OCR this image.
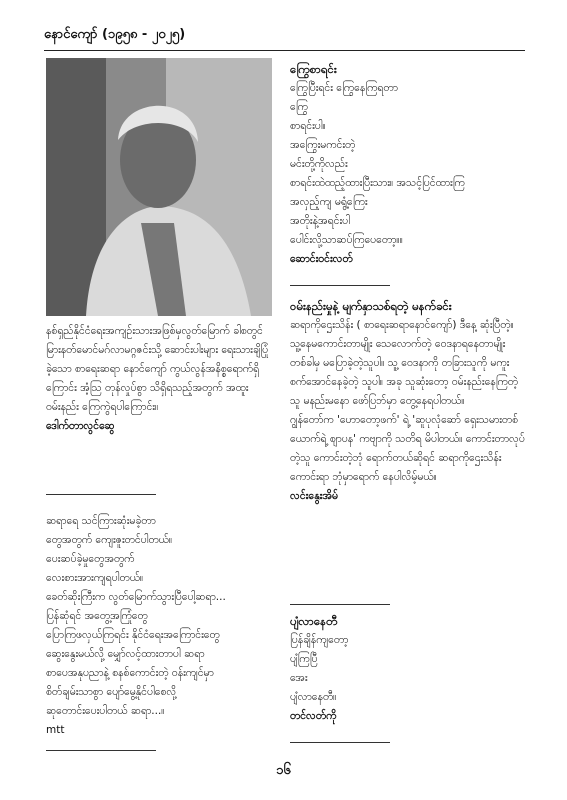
နောင်ကျော် (၁၉၅၈ - ၂၀၂၅)

နစ်ရှည်နိုင်ငံရေးအကျဉ်းသားအဖြစ်မှလွတ်မြောက် ခါစတွင် မြားနတ်မောင်မဂ်လာမဂ္ဂဇင်းသို့ ဆောင်းပါးများ ရေးသားချိပြုံခဲ့သော စာရေးဆရာ နောင်ကျော် ကွယ်လွန်အနိစ္စရောက်ရှိကြောင်း အံ့သြ တုန်လှုပ်စွာ သိရှိရသည့်အတွက် အထူးဝမ်းနည်း ကြေကွဲရပါကြောင်း။

ဒေါက်တာလွင်ဆွေ

ဆရာရေ သင်ကြားဆုံးမခဲ့တာ

တွေအတွက် ကျေးဇူးတင်ပါတယ်။

ပေးဆပ်ခဲ့မှုတွေအတွက်

လေးစားအားကျရပါတယ်။

ခေတ်ဆိုးကြီးက လွတ်မြောက်သွားပြီပေါ့ဆရာ...

ပြန်ဆုံရင် အတွေ့အကြုံတွေ

ပြောကြဖလှယ်ကြရင်း နိုင်ငံရေးအကြောင်းတွေ

ဆွေးနွေးမယ်လို့ မျှော်လင့်ထားတာပါ ဆရာ

စာပေအနုပညာနဲ့ စနစ်ကောင်းတဲ့ ဝန်းကျင်မှာ

စိတ်ချမ်းသာစွာ ပျော်မွေ့နိုင်ပါစေလို့

ဆုတောင်းပေးပါတယ် ဆရာ...။

mtt

ကြွေစာရင်း

ကြွေပြီးရင်း ကြွေနေကြရတာ

ကြွေ

စာရင်းပါ။

အကြွေးမကင်းတဲ့

မင်းတို့ကိုလည်း

စာရင်းထဲထည့်ထားပြီးသား။ အသင့်ပြင်ထားကြ

အလှည့်ကျ မရွံ့ကြေး

အတိုးနဲ့အရင်းပါ

ပေါင်းလို့သာဆပ်ကြပေတော့။။

ဆောင်းဝင်းလတ်

ဝမ်းနည်းမှုနဲ့ မျက်နှာသစ်ရတဲ့ မနက်ခင်း

ဆရာကိုဌေးသိန်း ( စာရေးဆရာနောင်ကျော်) ဒီနေ့ ဆုံးပြီတဲ့။ သူ့နေမကောင်းတာမျိုး သေလောက်တဲ့ ဝေဒနာရနေတာမျိုး တစ်ခါမှ မပြောခဲ့တဲ့သူပါ။ သူ့ ဝေဒနာကို တခြားသူကို မကူးစက်အောင်နေခဲ့တဲ့ သူပါ။ အခု သူဆုံးတော့ ဝမ်းနည်းနေကြတဲ့သူ မနည်းမနော ဖော်ပြဘ်မှာ တွေ့နေရပါတယ်။

ဂျွန်တော်က 'ဟောတော့ဖက်' ရဲ့ 'ဆူပုလုံဆော် ရှေးသမားတစ်ယောက်ရဲ့ စျာပန' ကဗျာကို သတိရ မိပါတယ်။ ကောင်းတာလုပ်တဲ့သူ ကောင်းတဲ့ဘုံ ရောက်တယ်ဆိုရင် ဆရာကိုဌေးသိန်း ကောင်းရာ ဘုံမှာရောက် နေပါလိမ့်မယ်။

လင်းနွေးအိမ်

ပျံလာနေတီ

ပြန်ချိန်ကျတော့

ပျံကြပြီ

အေး

ပျံလာနေတီ။

တင်လတ်ကို

၁၆
